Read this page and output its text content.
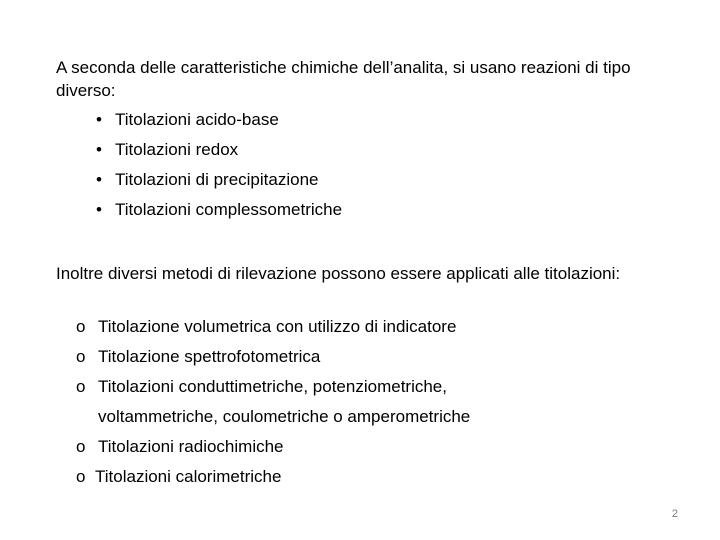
A seconda delle caratteristiche chimiche dell’analita, si usano reazioni di tipo diverso:
• Titolazioni acido-base
• Titolazioni redox
• Titolazioni di precipitazione
• Titolazioni complessometriche
Inoltre diversi metodi di rilevazione possono essere applicati alle titolazioni:
o Titolazione volumetrica con utilizzo di indicatore
o Titolazione spettrofotometrica
o Titolazioni conduttimetriche, potenziometriche,
voltammetriche, coulometriche o amperometriche
o Titolazioni radiochimiche
o Titolazioni calorimetriche
2
